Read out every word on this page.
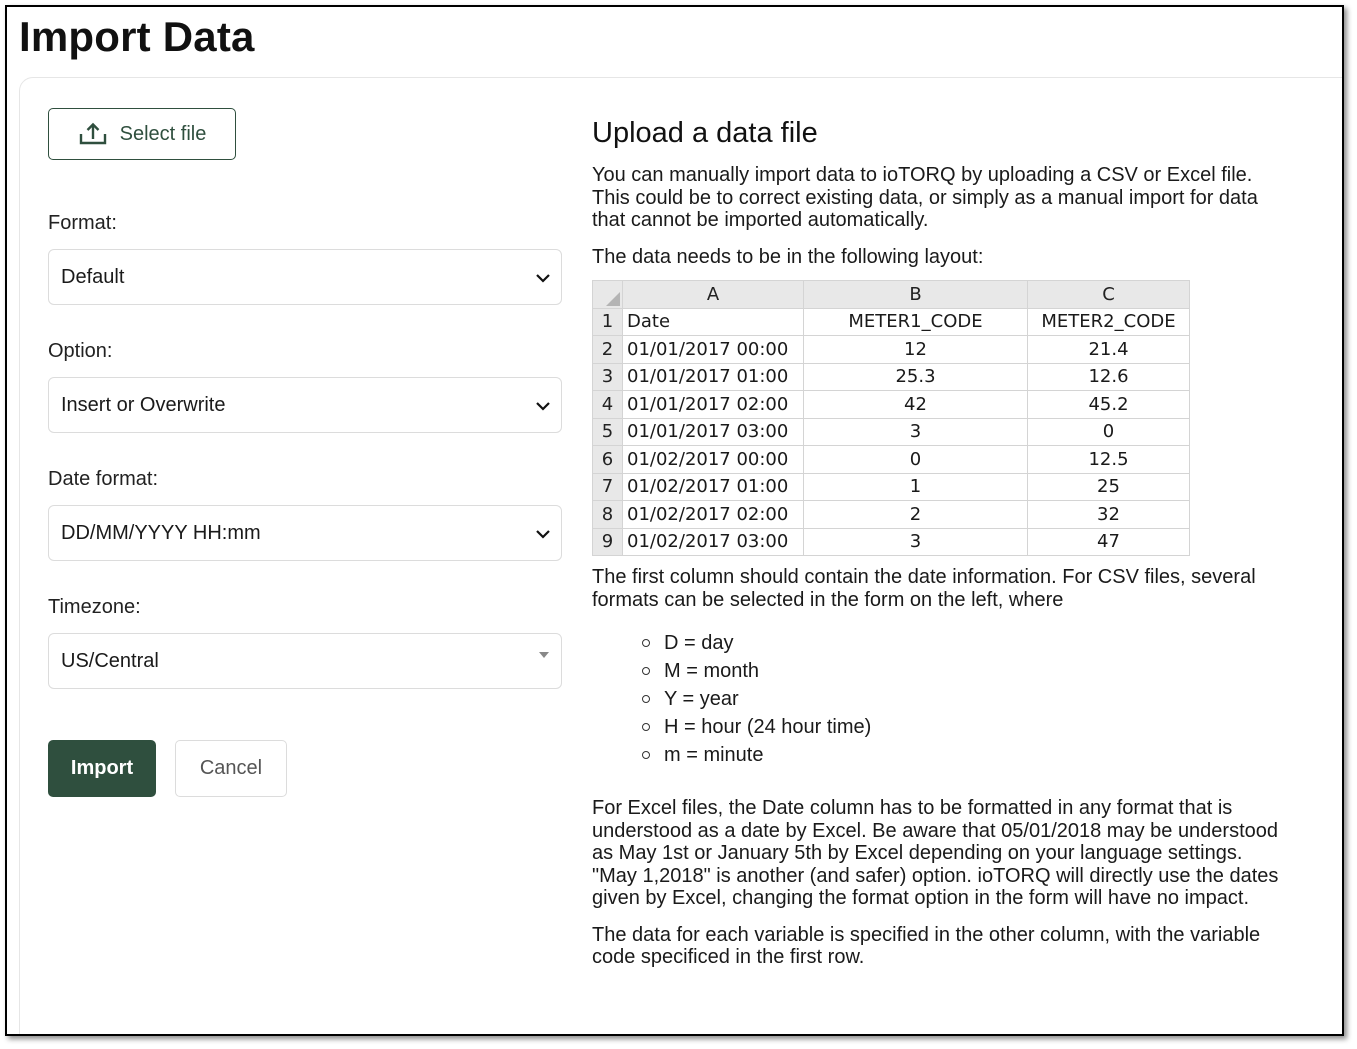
Import Data
Select file
Format:
Default
Option:
Insert or Overwrite
Date format:
DD/MM/YYYY HH:mm
Timezone:
US/Central
Import	Cancel
Upload a data file

You can manually import data to ioTORQ by uploading a CSV or Excel file. This could be to correct existing data, or simply as a manual import for data that cannot be imported automatically.

The data needs to be in the following layout:

	A	B	C
1	Date	METER1_CODE	METER2_CODE
2	01/01/2017 00:00	12	21.4
3	01/01/2017 01:00	25.3	12.6
4	01/01/2017 02:00	42	45.2
5	01/01/2017 03:00	3	0
6	01/02/2017 00:00	0	12.5
7	01/02/2017 01:00	1	25
8	01/02/2017 02:00	2	32
9	01/02/2017 03:00	3	47

The first column should contain the date information. For CSV files, several formats can be selected in the form on the left, where

D = day
M = month
Y = year
H = hour (24 hour time)
m = minute

For Excel files, the Date column has to be formatted in any format that is understood as a date by Excel. Be aware that 05/01/2018 may be understood as May 1st or January 5th by Excel depending on your language settings. "May 1,2018" is another (and safer) option. ioTORQ will directly use the dates given by Excel, changing the format option in the form will have no impact.

The data for each variable is specified in the other column, with the variable code specificed in the first row.
